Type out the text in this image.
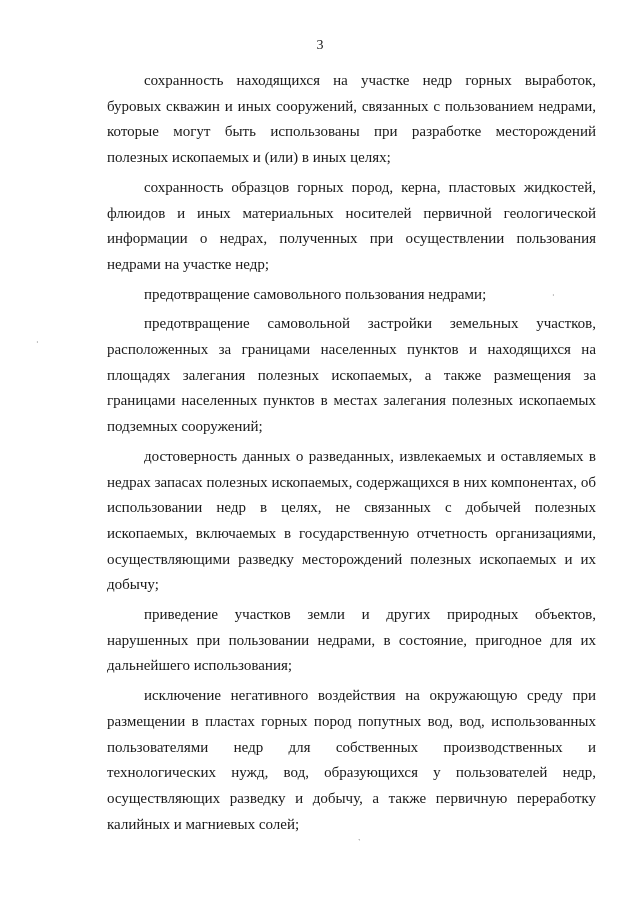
3

сохранность находящихся на участке недр горных выработок, буровых скважин и иных сооружений, связанных с пользованием недрами, которые могут быть использованы при разработке месторождений полезных ископаемых и (или) в иных целях;

сохранность образцов горных пород, керна, пластовых жидкостей, флюидов и иных материальных носителей первичной геологической информации о недрах, полученных при осуществлении пользования недрами на участке недр;

предотвращение самовольного пользования недрами;

предотвращение самовольной застройки земельных участков, расположенных за границами населенных пунктов и находящихся на площадях залегания полезных ископаемых, а также размещения за границами населенных пунктов в местах залегания полезных ископаемых подземных сооружений;

достоверность данных о разведанных, извлекаемых и оставляемых в недрах запасах полезных ископаемых, содержащихся в них компонентах, об использовании недр в целях, не связанных с добычей полезных ископаемых, включаемых в государственную отчетность организациями, осуществляющими разведку месторождений полезных ископаемых и их добычу;

приведение участков земли и других природных объектов, нарушенных при пользовании недрами, в состояние, пригодное для их дальнейшего использования;

исключение негативного воздействия на окружающую среду при размещении в пластах горных пород попутных вод, вод, использованных пользователями недр для собственных производственных и технологических нужд, вод, образующихся у пользователей недр, осуществляющих разведку и добычу, а также первичную переработку калийных и магниевых солей;

·
·
`
